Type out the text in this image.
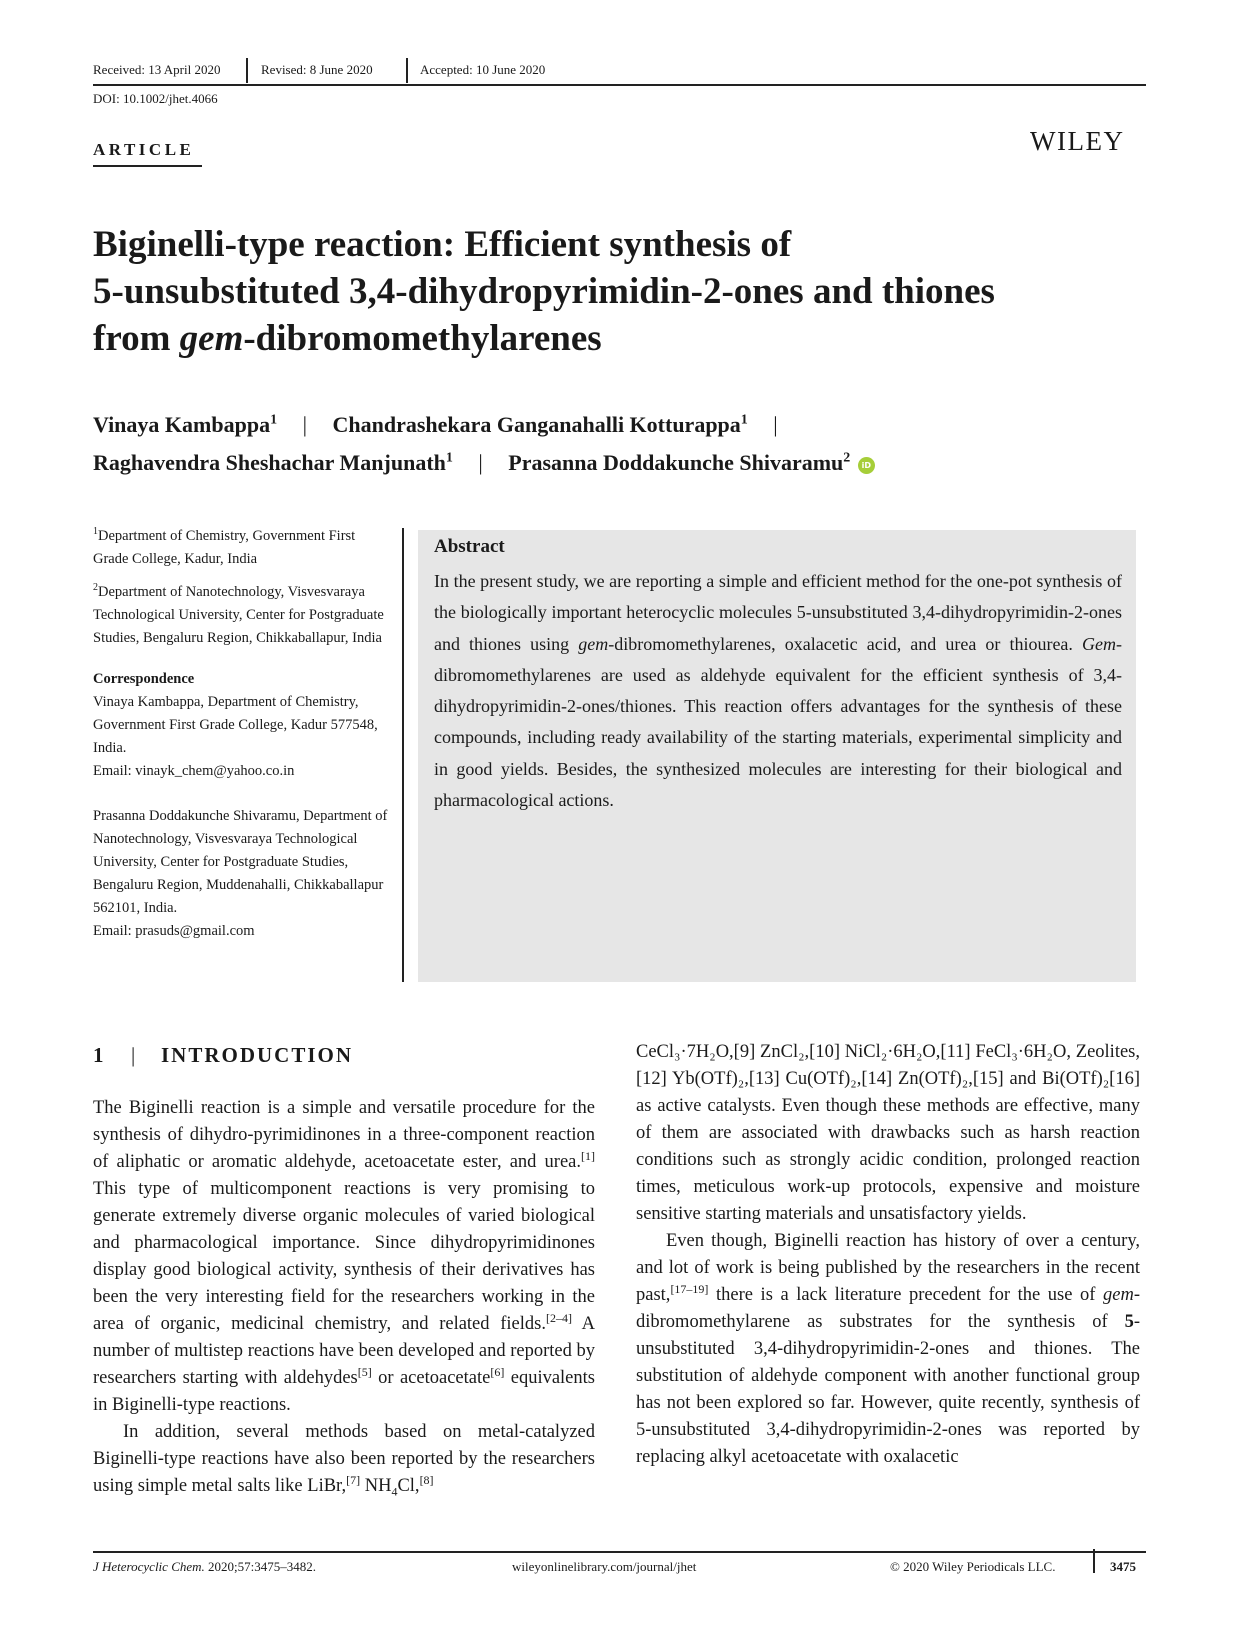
Received: 13 April 2020	Revised: 8 June 2020	Accepted: 10 June 2020
DOI: 10.1002/jhet.4066
ARTICLE	WILEY
Biginelli-type reaction: Efficient synthesis of
5-unsubstituted 3,4-dihydropyrimidin-2-ones and thiones
from gem-dibromomethylarenes
Vinaya Kambappa$^1$ | Chandrashekara Ganganahalli Kotturappa$^1$ |
Raghavendra Sheshachar Manjunath$^1$ | Prasanna Doddakunche Shivaramu$^2$ iD

$^1$Department of Chemistry, Government First Grade College, Kadur, India

$^2$Department of Nanotechnology, Visvesvaraya Technological University, Center for Postgraduate Studies, Bengaluru Region, Chikkaballapur, India

Correspondence

Vinaya Kambappa, Department of Chemistry, Government First Grade College, Kadur 577548, India.

Email: vinayk_chem@yahoo.co.in

Prasanna Doddakunche Shivaramu, Department of Nanotechnology, Visvesvaraya Technological University, Center for Postgraduate Studies, Bengaluru Region, Muddenahalli, Chikkaballapur 562101, India.

Email: prasuds@gmail.com

Abstract
In the present study, we are reporting a simple and efficient method for the one-pot synthesis of the biologically important heterocyclic molecules 5-unsubstituted 3,4-dihydropyrimidin-2-ones and thiones using gem-dibromomethylarenes, oxalacetic acid, and urea or thiourea. Gem-dibromomethylarenes are used as aldehyde equivalent for the efficient synthesis of 3,4-dihydropyrimidin-2-ones/thiones. This reaction offers advantages for the synthesis of these compounds, including ready availability of the starting materials, experimental simplicity and in good yields. Besides, the synthesized molecules are interesting for their biological and pharmacological actions.
1 | INTRODUCTION

The Biginelli reaction is a simple and versatile procedure for the synthesis of dihydro-pyrimidinones in a three-component reaction of aliphatic or aromatic aldehyde, acetoacetate ester, and urea.[1] This type of multicomponent reactions is very promising to generate extremely diverse organic molecules of varied biological and pharmacological importance. Since dihydropyrimidinones display good biological activity, synthesis of their derivatives has been the very interesting field for the researchers working in the area of organic, medicinal chemistry, and related fields.[2–4] A number of multistep reactions have been developed and reported by researchers starting with aldehydes[5] or acetoacetate[6] equivalents in Biginelli-type reactions.

In addition, several methods based on metal-catalyzed Biginelli-type reactions have also been reported by the researchers using simple metal salts like LiBr,[7] $NH_4Cl,[8]$

CeCl₃·7H₂O,[9] ZnCl₂,[10] NiCl₂·6H₂O,[11] FeCl₃·6H₂O, Zeolites,[12] Yb(OTf)₂,[13] Cu(OTf)₂,[14] Zn(OTf)₂,[15] and Bi(OTf)₂[16] as active catalysts. Even though these methods are effective, many of them are associated with drawbacks such as harsh reaction conditions such as strongly acidic condition, prolonged reaction times, meticulous work-up protocols, expensive and moisture sensitive starting materials and unsatisfactory yields.

Even though, Biginelli reaction has history of over a century, and lot of work is being published by the researchers in the recent past,[17–19] there is a lack literature precedent for the use of gem-dibromomethylarene as substrates for the synthesis of 5-unsubstituted 3,4-dihydropyrimidin-2-ones and thiones. The substitution of aldehyde component with another functional group has not been explored so far. However, quite recently, synthesis of 5-unsubstituted 3,4-dihydropyrimidin-2-ones was reported by replacing alkyl acetoacetate with oxalacetic

J Heterocyclic Chem. 2020;57:3475–3482.	wileyonlinelibrary.com/journal/jhet	© 2020 Wiley Periodicals LLC.	3475
